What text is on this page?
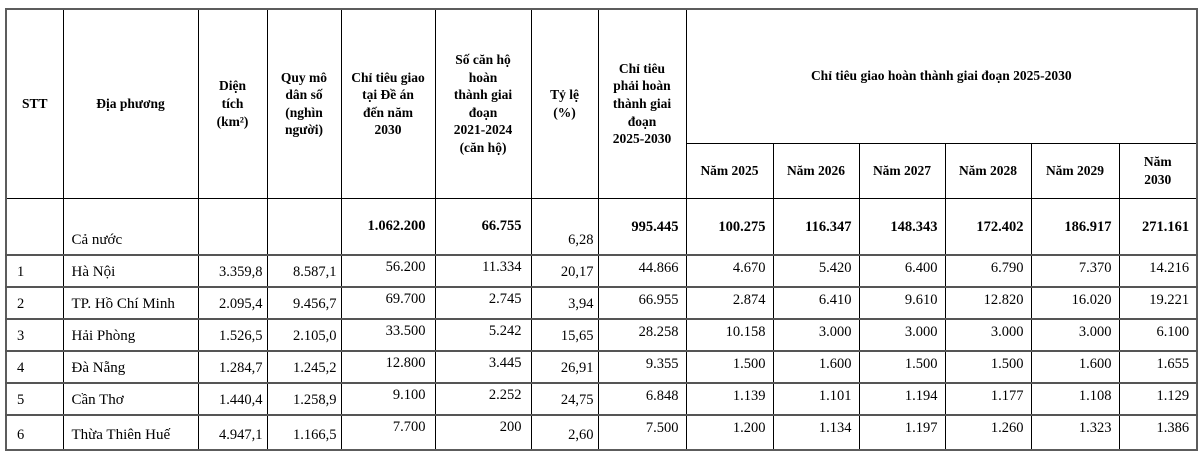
STT	Địa phương	Diện
tích
(km²)	Quy mô
dân số
(nghìn
người)	Chỉ tiêu giao
tại Đề án
đến năm
2030	Số căn hộ
hoàn
thành giai
đoạn
2021-2024
(căn hộ)	Tỷ lệ
(%)	Chỉ tiêu
phải hoàn
thành giai
đoạn
2025-2030	Chỉ tiêu giao hoàn thành giai đoạn 2025-2030
								Năm 2025	Năm 2026	Năm 2027	Năm 2028	Năm 2029	Năm
2030
	Cả nước			1.062.200	66.755	6,28	995.445	100.275	116.347	148.343	172.402	186.917	271.161
1	Hà Nội	3.359,8	8.587,1	56.200	11.334	20,17	44.866	4.670	5.420	6.400	6.790	7.370	14.216
2	TP. Hồ Chí Minh	2.095,4	9.456,7	69.700	2.745	3,94	66.955	2.874	6.410	9.610	12.820	16.020	19.221
3	Hải Phòng	1.526,5	2.105,0	33.500	5.242	15,65	28.258	10.158	3.000	3.000	3.000	3.000	6.100
4	Đà Nẵng	1.284,7	1.245,2	12.800	3.445	26,91	9.355	1.500	1.600	1.500	1.500	1.600	1.655
5	Cần Thơ	1.440,4	1.258,9	9.100	2.252	24,75	6.848	1.139	1.101	1.194	1.177	1.108	1.129
6	Thừa Thiên Huế	4.947,1	1.166,5	7.700	200	2,60	7.500	1.200	1.134	1.197	1.260	1.323	1.386
